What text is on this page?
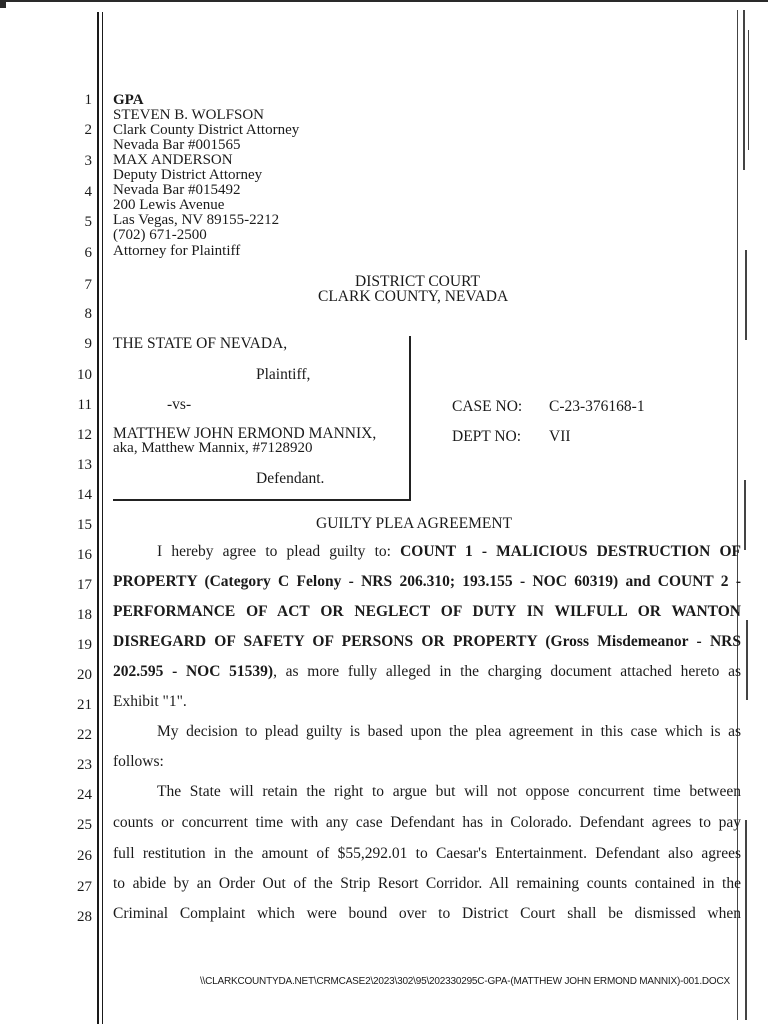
1
2
3
4
5
6
7
8
9
10
11
12
13
14
15
16
17
18
19
20
21
22
23
24
25
26
27
28
GPA
STEVEN B. WOLFSON
Clark County District Attorney
Nevada Bar #001565
MAX ANDERSON
Deputy District Attorney
Nevada Bar #015492
200 Lewis Avenue
Las Vegas, NV 89155-2212
(702) 671-2500
Attorney for Plaintiff
DISTRICT COURT
CLARK COUNTY, NEVADA
THE STATE OF NEVADA,
Plaintiff,
-vs-
MATTHEW JOHN ERMOND MANNIX,
aka, Matthew Mannix, #7128920
Defendant.
CASE NO: C-23-376168-1
DEPT NO: VII
GUILTY PLEA AGREEMENT
I hereby agree to plead guilty to: COUNT 1 - MALICIOUS DESTRUCTION OF
PROPERTY (Category C Felony - NRS 206.310; 193.155 - NOC 60319) and COUNT 2 -
PERFORMANCE OF ACT OR NEGLECT OF DUTY IN WILFULL OR WANTON
DISREGARD OF SAFETY OF PERSONS OR PROPERTY (Gross Misdemeanor - NRS
202.595 - NOC 51539), as more fully alleged in the charging document attached hereto as
Exhibit "1".
My decision to plead guilty is based upon the plea agreement in this case which is as
follows:
The State will retain the right to argue but will not oppose concurrent time between
counts or concurrent time with any case Defendant has in Colorado. Defendant agrees to pay
full restitution in the amount of $55,292.01 to Caesar's Entertainment. Defendant also agrees
to abide by an Order Out of the Strip Resort Corridor. All remaining counts contained in the
Criminal Complaint which were bound over to District Court shall be dismissed when
\\CLARKCOUNTYDA.NET\CRMCASE2\2023\302\95\202330295C-GPA-(MATTHEW JOHN ERMOND MANNIX)-001.DOCX
